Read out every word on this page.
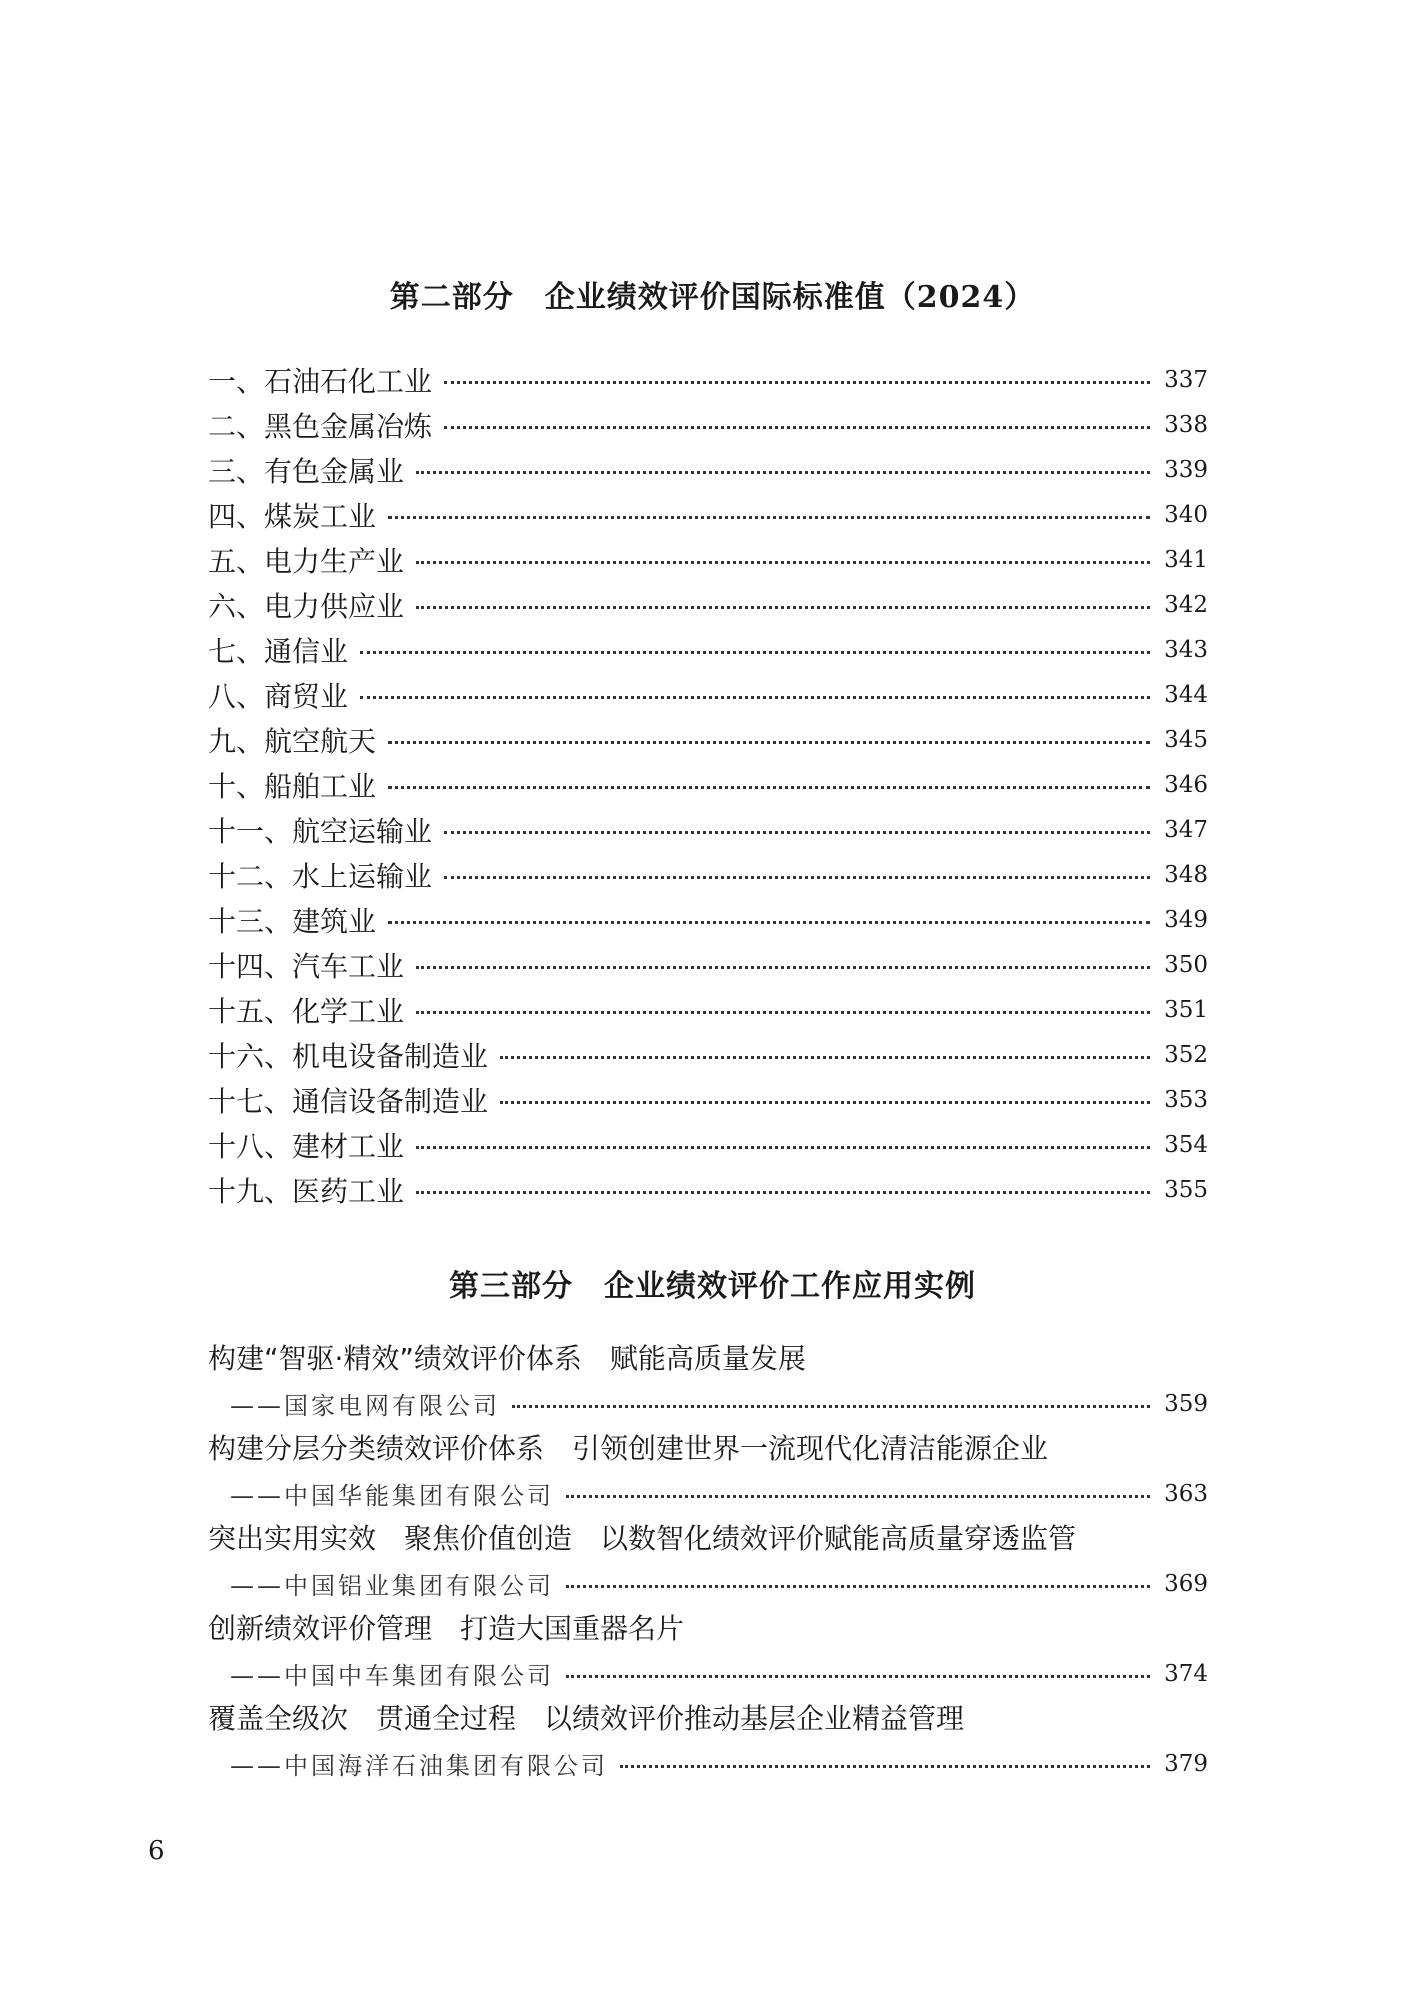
第二部分　企业绩效评价国际标准值（2024）
一、石油石化工业	337
二、黑色金属冶炼	338
三、有色金属业	339
四、煤炭工业	340
五、电力生产业	341
六、电力供应业	342
七、通信业	343
八、商贸业	344
九、航空航天	345
十、船舶工业	346
十一、航空运输业	347
十二、水上运输业	348
十三、建筑业	349
十四、汽车工业	350
十五、化学工业	351
十六、机电设备制造业	352
十七、通信设备制造业	353
十八、建材工业	354
十九、医药工业	355
第三部分　企业绩效评价工作应用实例
构建“智驱·精效”绩效评价体系　赋能高质量发展
——国家电网有限公司	359
构建分层分类绩效评价体系　引领创建世界一流现代化清洁能源企业
——中国华能集团有限公司	363
突出实用实效　聚焦价值创造　以数智化绩效评价赋能高质量穿透监管
——中国铝业集团有限公司	369
创新绩效评价管理　打造大国重器名片
——中国中车集团有限公司	374
覆盖全级次　贯通全过程　以绩效评价推动基层企业精益管理
——中国海洋石油集团有限公司	379
6
